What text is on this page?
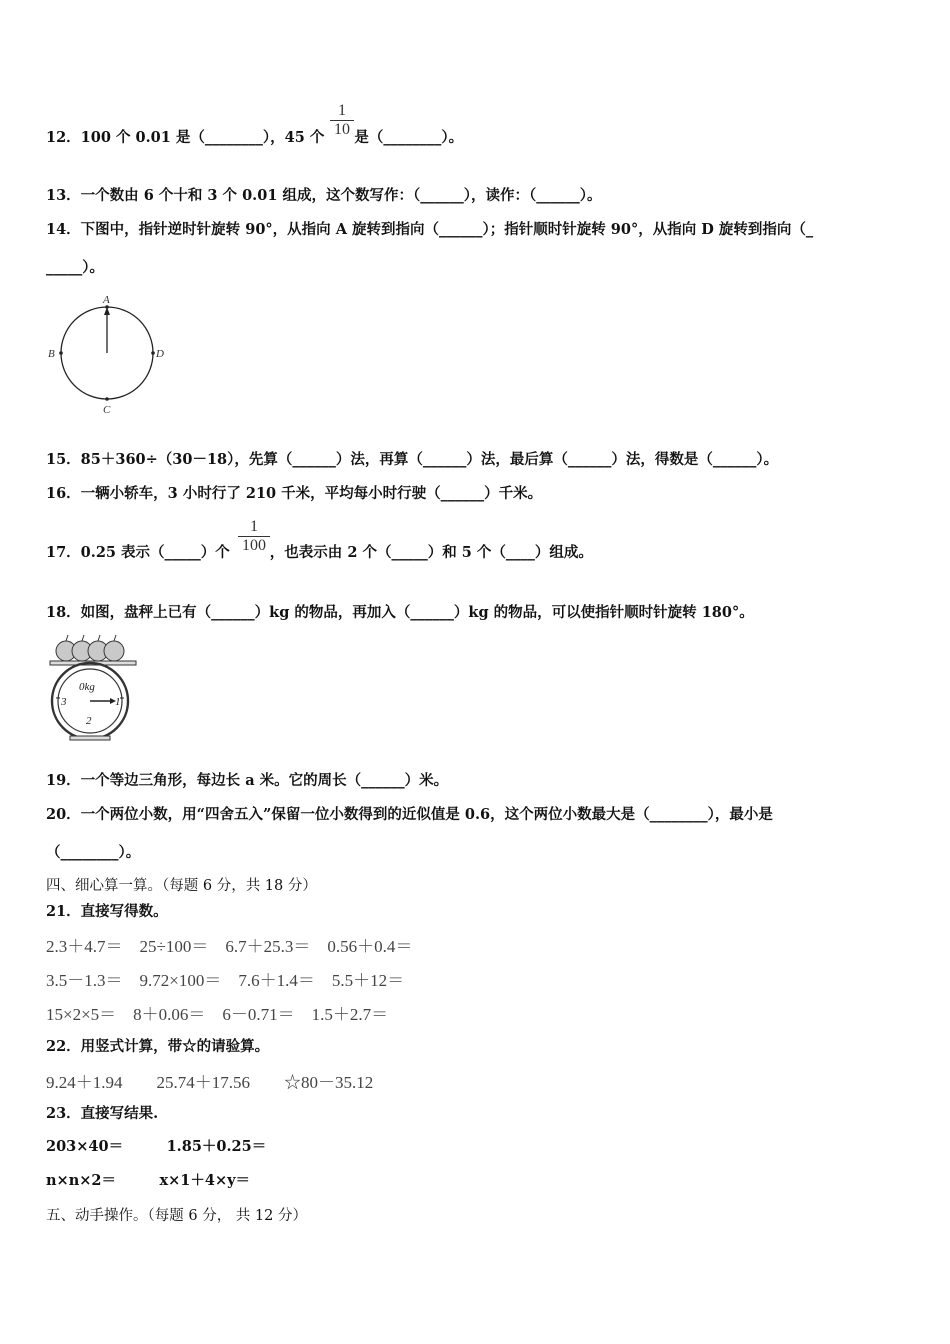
12．100 个 0.01 是（________），45 个 是（________）。
1
10
13．一个数由 6 个十和 3 个 0.01 组成，这个数写作：（______），读作：（______）。
14．下图中，指针逆时针旋转 90°，从指向 A 旋转到指向（______）；指针顺时针旋转 90°，从指向 D 旋转到指向（_
_____）。
A
B	D
C
15．85＋360÷（30－18），先算（______）法，再算（______）法，最后算（______）法，得数是（______）。
16．一辆小轿车，3 小时行了 210 千米，平均每小时行驶（______）千米。
17．0.25 表示（_____）个	，也表示由 2 个（_____）和 5 个（____）组成。
1
100
18．如图，盘秤上已有（______）kg 的物品，再加入（______）kg 的物品，可以使指针顺时针旋转 180°。
0kg
3	1
2
19．一个等边三角形，每边长 a 米。它的周长（______）米。
20．一个两位小数，用“四舍五入”保留一位小数得到的近似值是 0.6，这个两位小数最大是（________），最小是
（________）。
四、细心算一算。（每题 6 分，共 18 分）
21．直接写得数。
2.3＋4.7＝　25÷100＝　6.7＋25.3＝　0.56＋0.4＝
3.5－1.3＝　9.72×100＝　7.6＋1.4＝　5.5＋12＝
15×2×5＝　8＋0.06＝　6－0.71＝　1.5＋2.7＝
22．用竖式计算，带☆的请验算。
9.24＋1.94　　25.74＋17.56　　☆80－35.12
23．直接写结果.
203×40＝　　　1.85＋0.25＝
n×n×2＝　　　x×1＋4×y＝
五、动手操作。（每题 6 分， 共 12 分）
